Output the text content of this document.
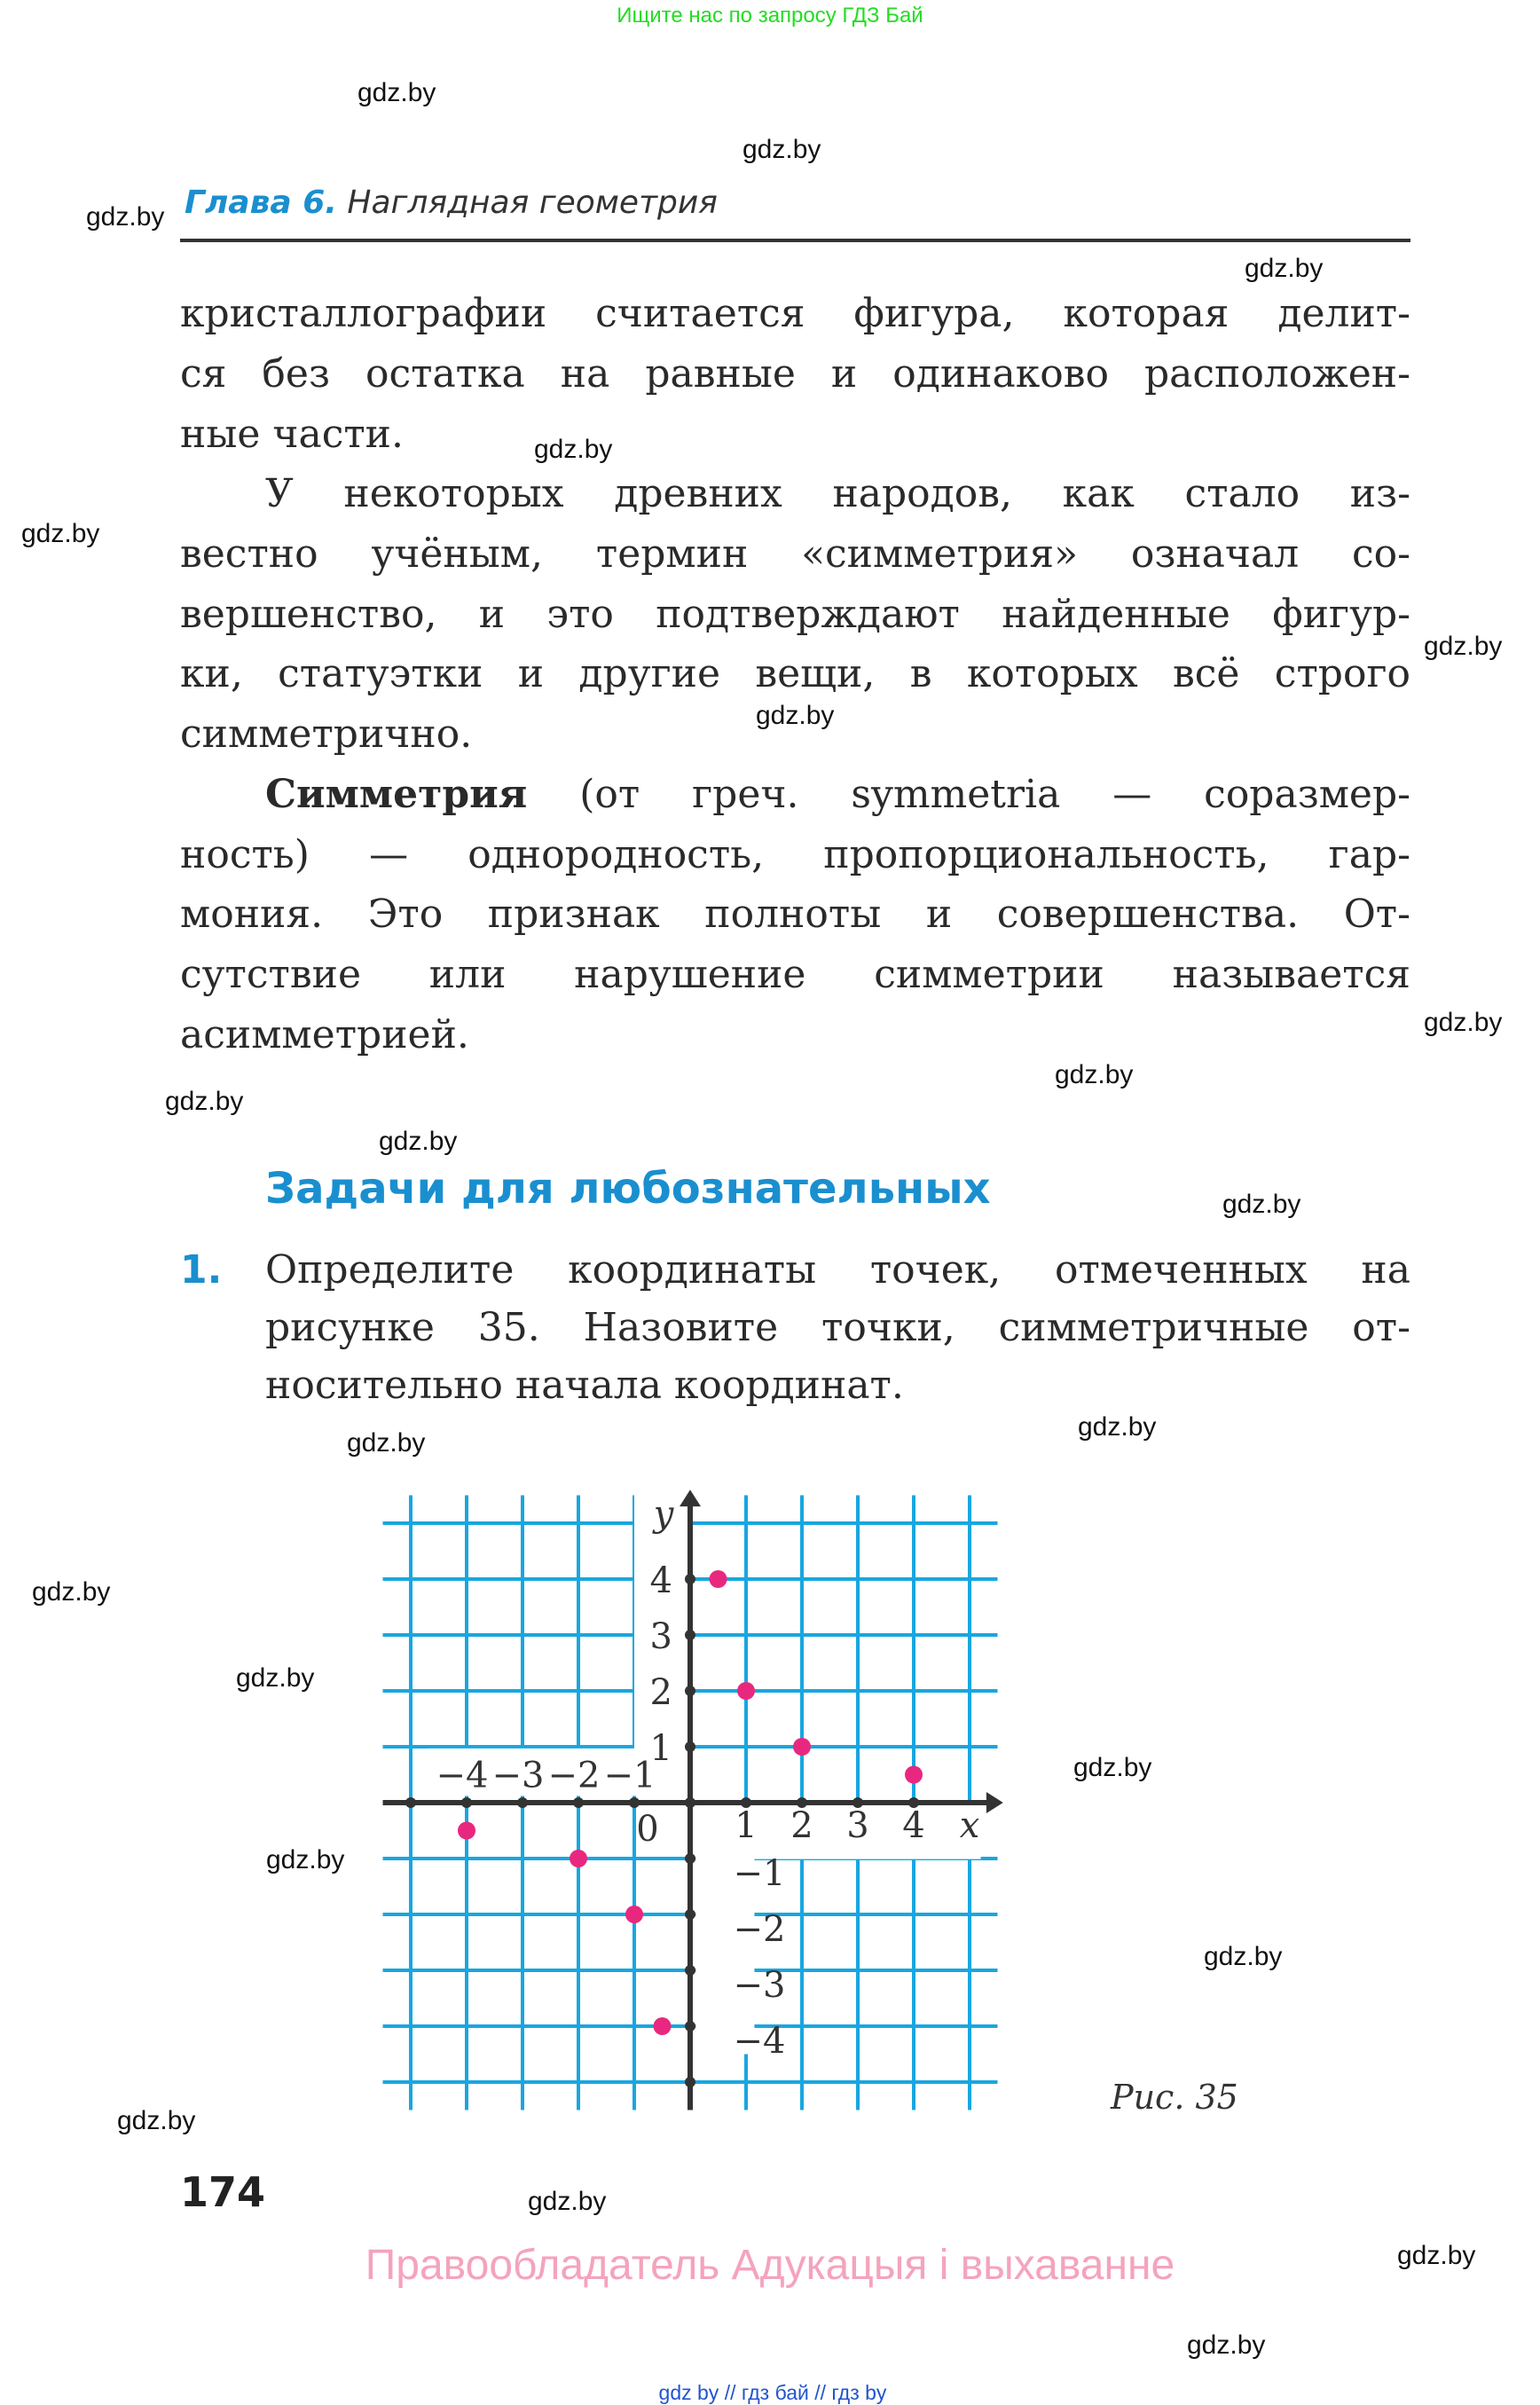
Ищите нас по запросу ГДЗ Бай
Глава 6. Наглядная геометрия
кристаллографии считается фигура, которая делит-
ся без остатка на равные и одинаково расположен-
ные части.
У некоторых древних народов, как стало из-
вестно учёным, термин «симметрия» означал со-
вершенство, и это подтверждают найденные фигур-
ки, статуэтки и другие вещи, в которых всё строго
симметрично.
Симметрия (от греч. symmetria — соразмер-
ность) — однородность, пропорциональность, гар-
мония. Это признак полноты и совершенства. От-
сутствие или нарушение симметрии называется
асимметрией.
Задачи для любознательных
1. Определите координаты точек, отмеченных на
рисунке 35. Назовите точки, симметричные от-
носительно начала координат.
−4 −3 −2 −1
1 2 3 4
4
3
2
1
−1
−2
−3
−4
0	x
y
Рис. 35
174
Правообладатель Адукацыя і выхаванне
gdz by // гдз бай // гдз by
gdz.by
gdz.by
gdz.by
gdz.by
gdz.by
gdz.by
gdz.by
gdz.by
gdz.by
gdz.by
gdz.by
gdz.by
gdz.by
gdz.by
gdz.by
gdz.by
gdz.by
gdz.by
gdz.by
gdz.by
gdz.by
gdz.by
gdz.by
gdz.by
